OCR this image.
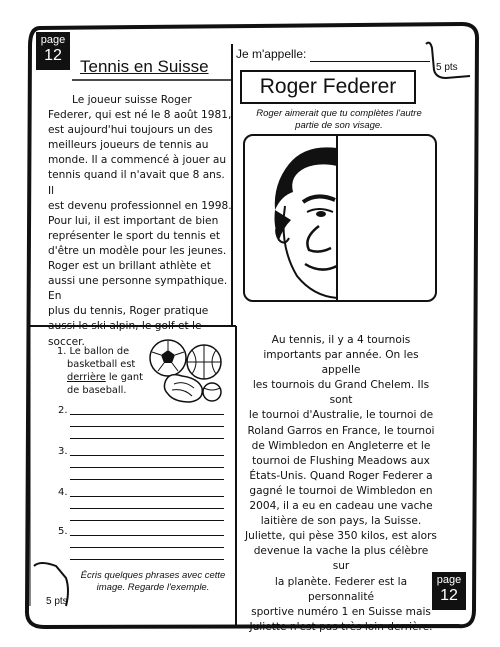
page
12
page
12
Tennis en Suisse
Je m'appelle:
5 pts
5 pts
Roger Federer
Roger aimerait que tu complètes l'autre
partie de son visage.

Le joueur suisse Roger

Federer, qui est né le 8 août 1981,

est aujourd'hui toujours un des

meilleurs joueurs de tennis au

monde. Il a commencé à jouer au

tennis quand il n'avait que 8 ans. Il

est devenu professionnel en 1998.

Pour lui, il est important de bien

représenter le sport du tennis et

d'être un modèle pour les jeunes.

Roger est un brillant athlète et

aussi une personne sympathique. En

plus du tennis, Roger pratique

aussi le ski alpin, le golf et le

soccer.

1. Le ballon de
basketball est
derrière le gant
de baseball.
2.
3.
4.
5.
Écris quelques phrases avec cette
image. Regarde l'exemple.

Au tennis, il y a 4 tournois

importants par année. On les appelle

les tournois du Grand Chelem. Ils sont

le tournoi d'Australie, le tournoi de

Roland Garros en France, le tournoi

de Wimbledon en Angleterre et le

tournoi de Flushing Meadows aux

États-Unis. Quand Roger Federer a

gagné le tournoi de Wimbledon en

2004, il a eu en cadeau une vache

laitière de son pays, la Suisse.

Juliette, qui pèse 350 kilos, est alors

devenue la vache la plus célèbre sur

la planète. Federer est la personnalité

sportive numéro 1 en Suisse mais

Juliette n'est pas très loin derrière.
